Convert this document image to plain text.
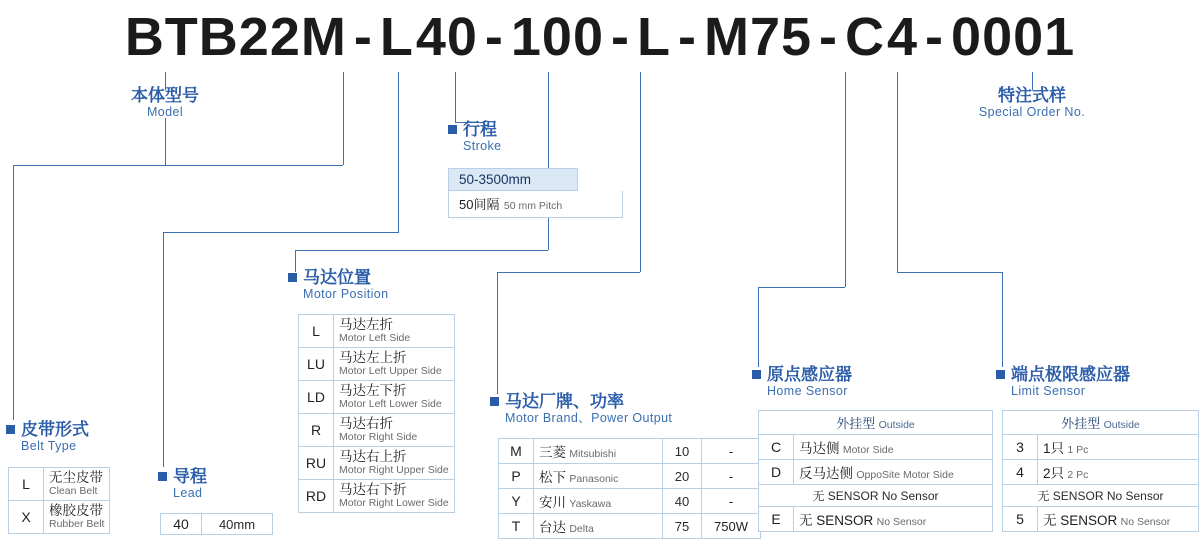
BTB22M - L40 - 100 - L - M75 - C4 - 0001
本体型号
Model
特注式样
Special Order No.
行程
Stroke
50-3500mm
50间隔 50 mm Pitch
马达位置
Motor Position
L	马达左折
Motor Left Side

LU	马达左上折
Motor Left Upper Side

LD	马达左下折
Motor Left Lower Side

R	马达右折
Motor Right Side

RU	马达右上折
Motor Right Upper Side

RD	马达右下折
Motor Right Lower Side
皮带形式
Belt Type
L	无尘皮带
Clean Belt

X	橡胶皮带
Rubber Belt
导程
Lead
40	40mm
马达厂牌、功率
Motor Brand、Power Output
M	三菱 Mitsubishi	10	-
P	松下 Panasonic	20	-
Y	安川 Yaskawa	40	-
T	台达 Delta	75	750W
原点感应器
Home Sensor
外挂型 Outside	
C	马达侧 Motor Side
D	反马达侧 OppoSite Motor Side
无 SENSOR No Sensor	
E	无 SENSOR No Sensor
端点极限感应器
Limit Sensor
外挂型 Outside	
3	1只 1 Pc
4	2只 2 Pc
无 SENSOR No Sensor	
5	无 SENSOR No Sensor
